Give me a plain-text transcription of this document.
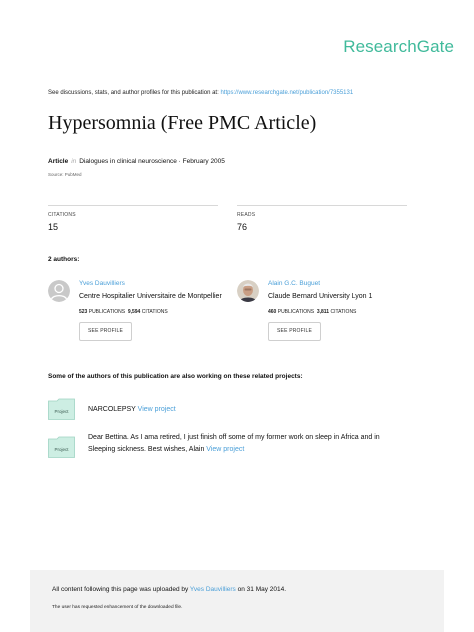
ResearchGate
See discussions, stats, and author profiles for this publication at: https://www.researchgate.net/publication/7355131
Hypersomnia (Free PMC Article)
Article in Dialogues in clinical neuroscience · February 2005
Source: PubMed
CITATIONS
15
READS
76
2 authors:
Yves Dauvilliers
Centre Hospitalier Universitaire de Montpellier
523 PUBLICATIONS 9,594 CITATIONS
SEE PROFILE
Alain G.C. Buguet
Claude Bernard University Lyon 1
460 PUBLICATIONS 3,811 CITATIONS
SEE PROFILE
Some of the authors of this publication are also working on these related projects:
Project	NARCOLEPSY View project
Project
Dear Bettina. As I ama retired, I just finish off some of my former work on sleep in Africa and in
Sleeping sickness. Best wishes, Alain View project
All content following this page was uploaded by Yves Dauvilliers on 31 May 2014.
The user has requested enhancement of the downloaded file.
